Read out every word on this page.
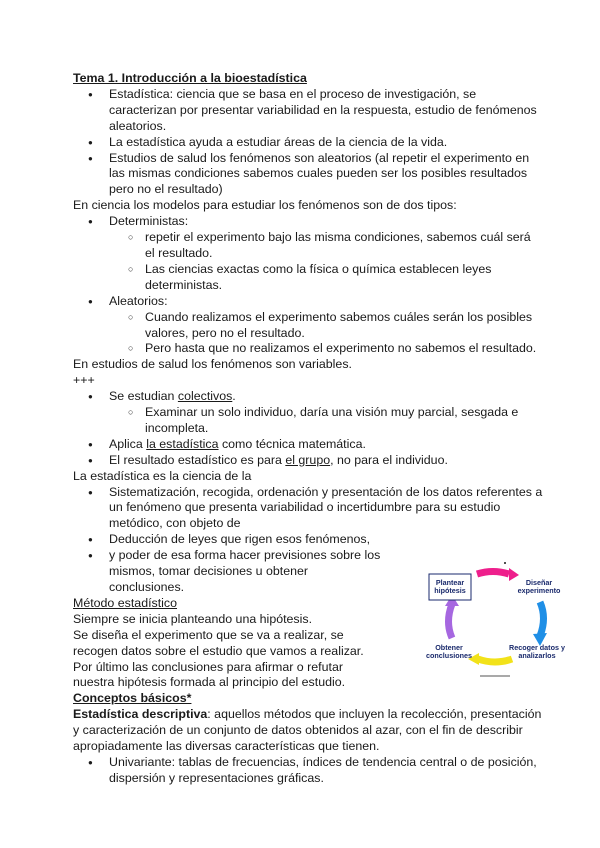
Tema 1. Introducción a la bioestadística

● Estadística: ciencia que se basa en el proceso de investigación, se caracterizan por presentar variabilidad en la respuesta, estudio de fenómenos aleatorios.
● La estadística ayuda a estudiar áreas de la ciencia de la vida.
● Estudios de salud los fenómenos son aleatorios (al repetir el experimento en las mismas condiciones sabemos cuales pueden ser los posibles resultados pero no el resultado)

En ciencia los modelos para estudiar los fenómenos son de dos tipos:

● Deterministas:
○ repetir el experimento bajo las misma condiciones, sabemos cuál será el resultado.
○ Las ciencias exactas como la física o química establecen leyes deterministas.
● Aleatorios:
○ Cuando realizamos el experimento sabemos cuáles serán los posibles valores, pero no el resultado.
○ Pero hasta que no realizamos el experimento no sabemos el resultado.

En estudios de salud los fenómenos son variables.

+++

● Se estudian colectivos.
○ Examinar un solo individuo, daría una visión muy parcial, sesgada e incompleta.
● Aplica la estadística como técnica matemática.
● El resultado estadístico es para el grupo, no para el individuo.

La estadística es la ciencia de la

● Sistematización, recogida, ordenación y presentación de los datos referentes a un fenómeno que presenta variabilidad o incertidumbre para su estudio metódico, con objeto de
● Deducción de leyes que rigen esos fenómenos,
● y poder de esa forma hacer previsiones sobre los mismos, tomar decisiones u obtener conclusiones.

Método estadístico

Siempre se inicia planteando una hipótesis.

Se diseña el experimento que se va a realizar, se recogen datos sobre el estudio que vamos a realizar.

Por último las conclusiones para afirmar o refutar nuestra hipótesis formada al principio del estudio.

Conceptos básicos*

Estadística descriptiva: aquellos métodos que incluyen la recolección, presentación y caracterización de un conjunto de datos obtenidos al azar, con el fin de describir apropiadamente las diversas características que tienen.

● Univariante: tablas de frecuencias, índices de tendencia central o de posición, dispersión y representaciones gráficas.
Plantear hipótesis
Diseñar experimento
Recoger datos y analizarlos
Obtener conclusiones
